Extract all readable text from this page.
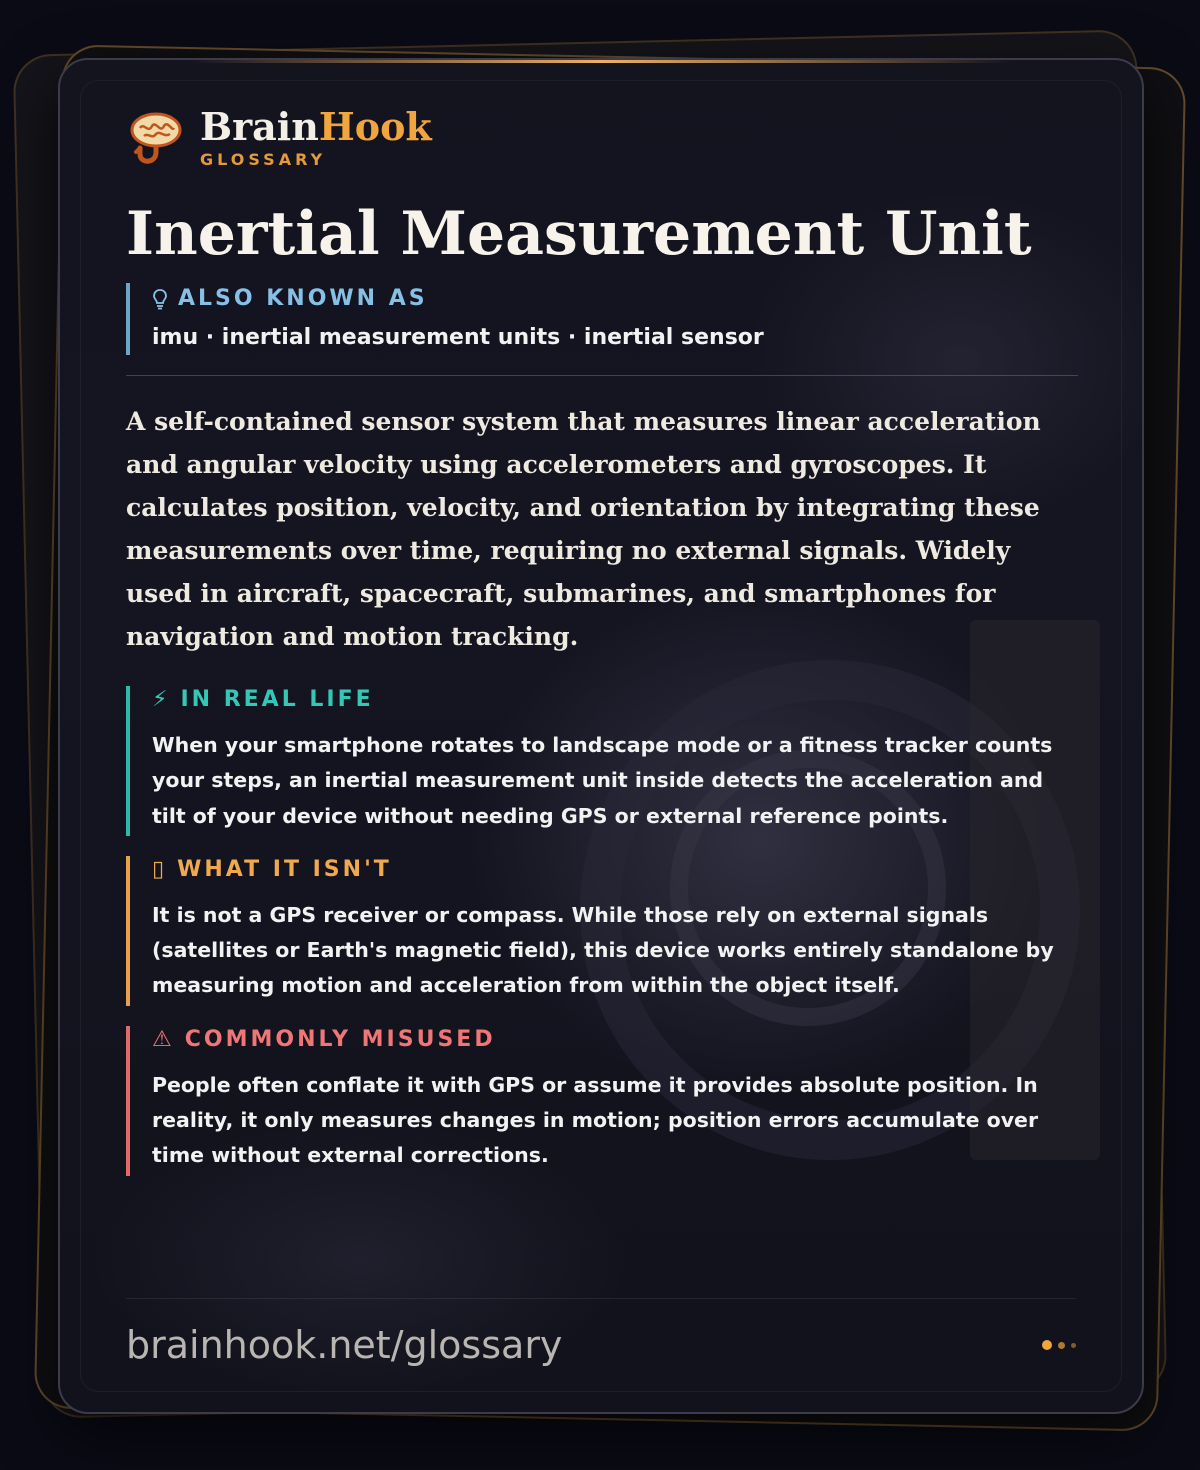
BrainHook
GLOSSARY
Inertial Measurement Unit
ALSO KNOWN AS
imu · inertial measurement units · inertial sensor
A self-contained sensor system that measures linear acceleration and angular velocity using accelerometers and gyroscopes. It calculates position, velocity, and orientation by integrating these measurements over time, requiring no external signals. Widely used in aircraft, spacecraft, submarines, and smartphones for navigation and motion tracking.
⚡ IN REAL LIFE
When your smartphone rotates to landscape mode or a fitness tracker counts your steps, an inertial measurement unit inside detects the acceleration and tilt of your device without needing GPS or external reference points.
▯ WHAT IT ISN'T
It is not a GPS receiver or compass. While those rely on external signals (satellites or Earth's magnetic field), this device works entirely standalone by measuring motion and acceleration from within the object itself.
⚠ COMMONLY MISUSED
People often conflate it with GPS or assume it provides absolute position. In reality, it only measures changes in motion; position errors accumulate over time without external corrections.
brainhook.net/glossary
